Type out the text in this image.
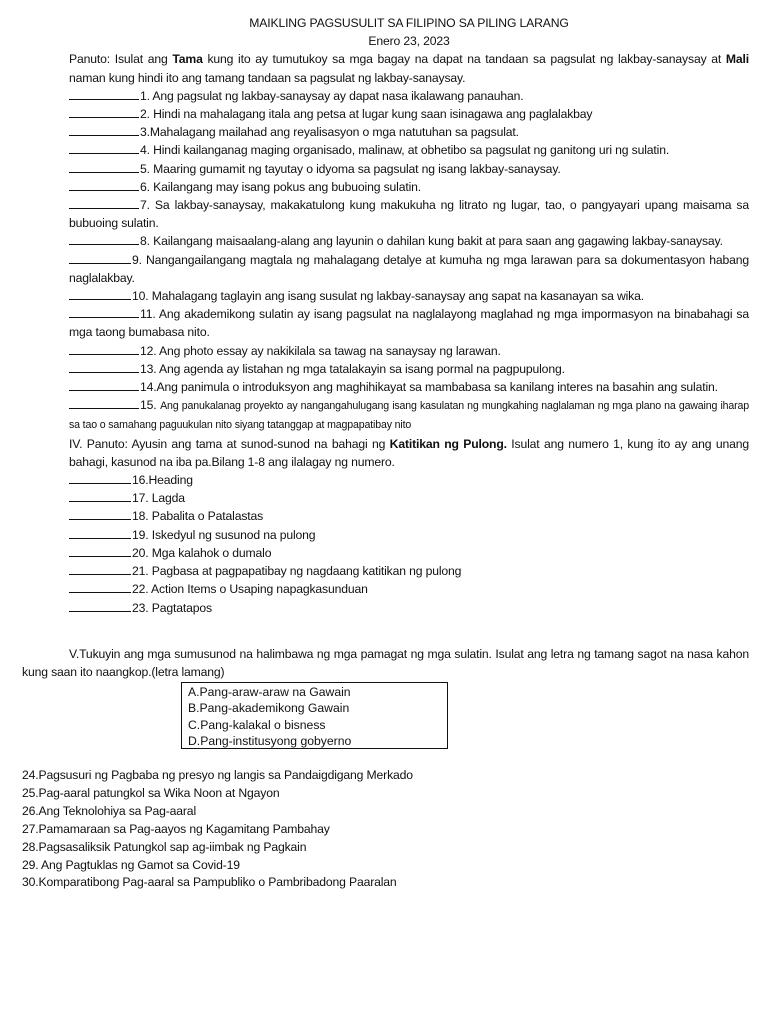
MAIKLING PAGSUSULIT SA FILIPINO SA PILING LARANG
Enero 23, 2023
Panuto: Isulat ang Tama kung ito ay tumutukoy sa mga bagay na dapat na tandaan sa pagsulat ng lakbay-sanaysay at Mali naman kung hindi ito ang tamang tandaan sa pagsulat ng lakbay-sanaysay.
1. Ang pagsulat ng lakbay-sanaysay ay dapat nasa ikalawang panauhan.
2. Hindi na mahalagang itala ang petsa at lugar kung saan isinagawa ang paglalakbay
3.Mahalagang mailahad ang reyalisasyon o mga natutuhan sa pagsulat.
4. Hindi kailanganag maging organisado, malinaw, at obhetibo sa pagsulat ng ganitong uri ng sulatin.
5. Maaring gumamit ng tayutay o idyoma sa pagsulat ng isang lakbay-sanaysay.
6. Kailangang may isang pokus ang bubuoing sulatin.
7. Sa lakbay-sanaysay, makakatulong kung makukuha ng litrato ng lugar, tao, o pangyayari upang maisama sa bubuoing sulatin.
8. Kailangang maisaalang-alang ang layunin o dahilan kung bakit at para saan ang gagawing lakbay-sanaysay.
9. Nangangailangang magtala ng mahalagang detalye at kumuha ng mga larawan para sa dokumentasyon habang naglalakbay.
10. Mahalagang taglayin ang isang susulat ng lakbay-sanaysay ang sapat na kasanayan sa wika.
11. Ang akademikong sulatin ay isang pagsulat na naglalayong maglahad ng mga impormasyon na binabahagi sa mga taong bumabasa nito.
12. Ang photo essay ay nakikilala sa tawag na sanaysay ng larawan.
13. Ang agenda ay listahan ng mga tatalakayin sa isang pormal na pagpupulong.
14.Ang panimula o introduksyon ang maghihikayat sa mambabasa sa kanilang interes na basahin ang sulatin.
15. Ang panukalanag proyekto ay nangangahulugang isang kasulatan ng mungkahing naglalaman ng mga plano na gawaing iharap sa tao o samahang paguukulan nito siyang tatanggap at magpapatibay nito
IV. Panuto: Ayusin ang tama at sunod-sunod na bahagi ng Katitikan ng Pulong. Isulat ang numero 1, kung ito ay ang unang bahagi, kasunod na iba pa.Bilang 1-8 ang ilalagay ng numero.
16.Heading
17. Lagda
18. Pabalita o Patalastas
19. Iskedyul ng susunod na pulong
20. Mga kalahok o dumalo
21. Pagbasa at pagpapatibay ng nagdaang katitikan ng pulong
22. Action Items o Usaping napagkasunduan
23. Pagtatapos
V.Tukuyin ang mga sumusunod na halimbawa ng mga pamagat ng mga sulatin. Isulat ang letra ng tamang sagot na nasa kahon kung saan ito naangkop.(letra lamang)
A.Pang-araw-araw na Gawain
B.Pang-akademikong Gawain
C.Pang-kalakal o bisness
D.Pang-institusyong gobyerno
24.Pagsusuri ng Pagbaba ng presyo ng langis sa Pandaigdigang Merkado
25.Pag-aaral patungkol sa Wika Noon at Ngayon
26.Ang Teknolohiya sa Pag-aaral
27.Pamamaraan sa Pag-aayos ng Kagamitang Pambahay
28.Pagsasaliksik Patungkol sap ag-iimbak ng Pagkain
29. Ang Pagtuklas ng Gamot sa Covid-19
30.Komparatibong Pag-aaral sa Pampubliko o Pambribadong Paaralan
